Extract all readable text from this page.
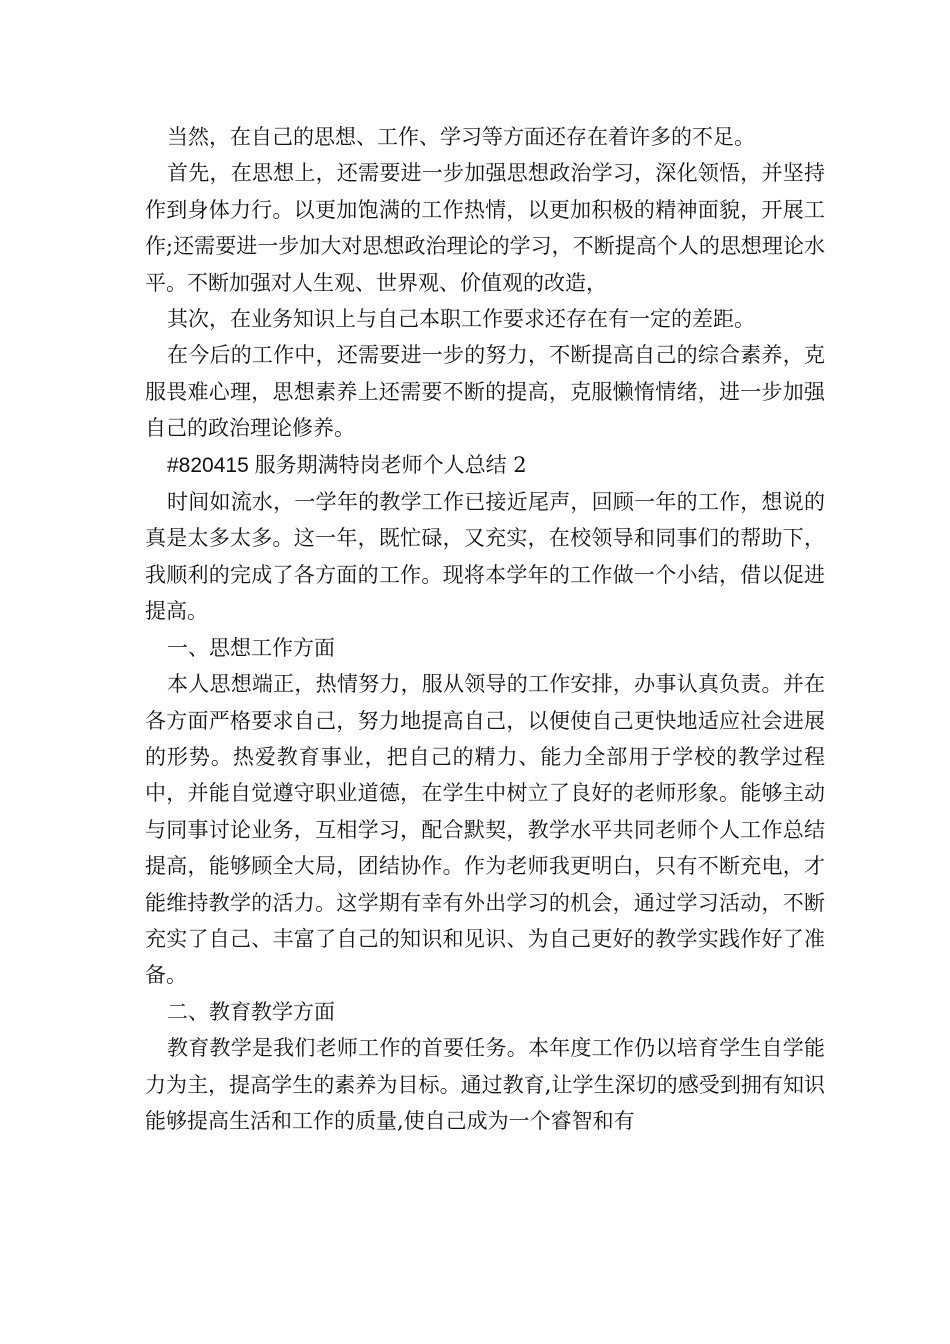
当然，在自己的思想、工作、学习等方面还存在着许多的不足。

首先，在思想上，还需要进一步加强思想政治学习，深化领悟，并坚持作到身体力行。以更加饱满的工作热情，以更加积极的精神面貌，开展工作;还需要进一步加大对思想政治理论的学习，不断提高个人的思想理论水平。不断加强对人生观、世界观、价值观的改造，

其次，在业务知识上与自己本职工作要求还存在有一定的差距。

在今后的工作中，还需要进一步的努力，不断提高自己的综合素养，克服畏难心理，思想素养上还需要不断的提高，克服懒惰情绪，进一步加强自己的政治理论修养。

#820415 服务期满特岗老师个人总结 2

时间如流水，一学年的教学工作已接近尾声，回顾一年的工作，想说的真是太多太多。这一年，既忙碌，又充实，在校领导和同事们的帮助下，我顺利的完成了各方面的工作。现将本学年的工作做一个小结，借以促进提高。

一、思想工作方面

本人思想端正，热情努力，服从领导的工作安排，办事认真负责。并在各方面严格要求自己，努力地提高自己，以便使自己更快地适应社会进展的形势。热爱教育事业，把自己的精力、能力全部用于学校的教学过程中，并能自觉遵守职业道德，在学生中树立了良好的老师形象。能够主动与同事讨论业务，互相学习，配合默契，教学水平共同老师个人工作总结提高，能够顾全大局，团结协作。作为老师我更明白，只有不断充电，才能维持教学的活力。这学期有幸有外出学习的机会，通过学习活动，不断充实了自己、丰富了自己的知识和见识、为自己更好的教学实践作好了准备。

二、教育教学方面

教育教学是我们老师工作的首要任务。本年度工作仍以培育学生自学能力为主，提高学生的素养为目标。通过教育,让学生深切的感受到拥有知识能够提高生活和工作的质量,使自己成为一个睿智和有
